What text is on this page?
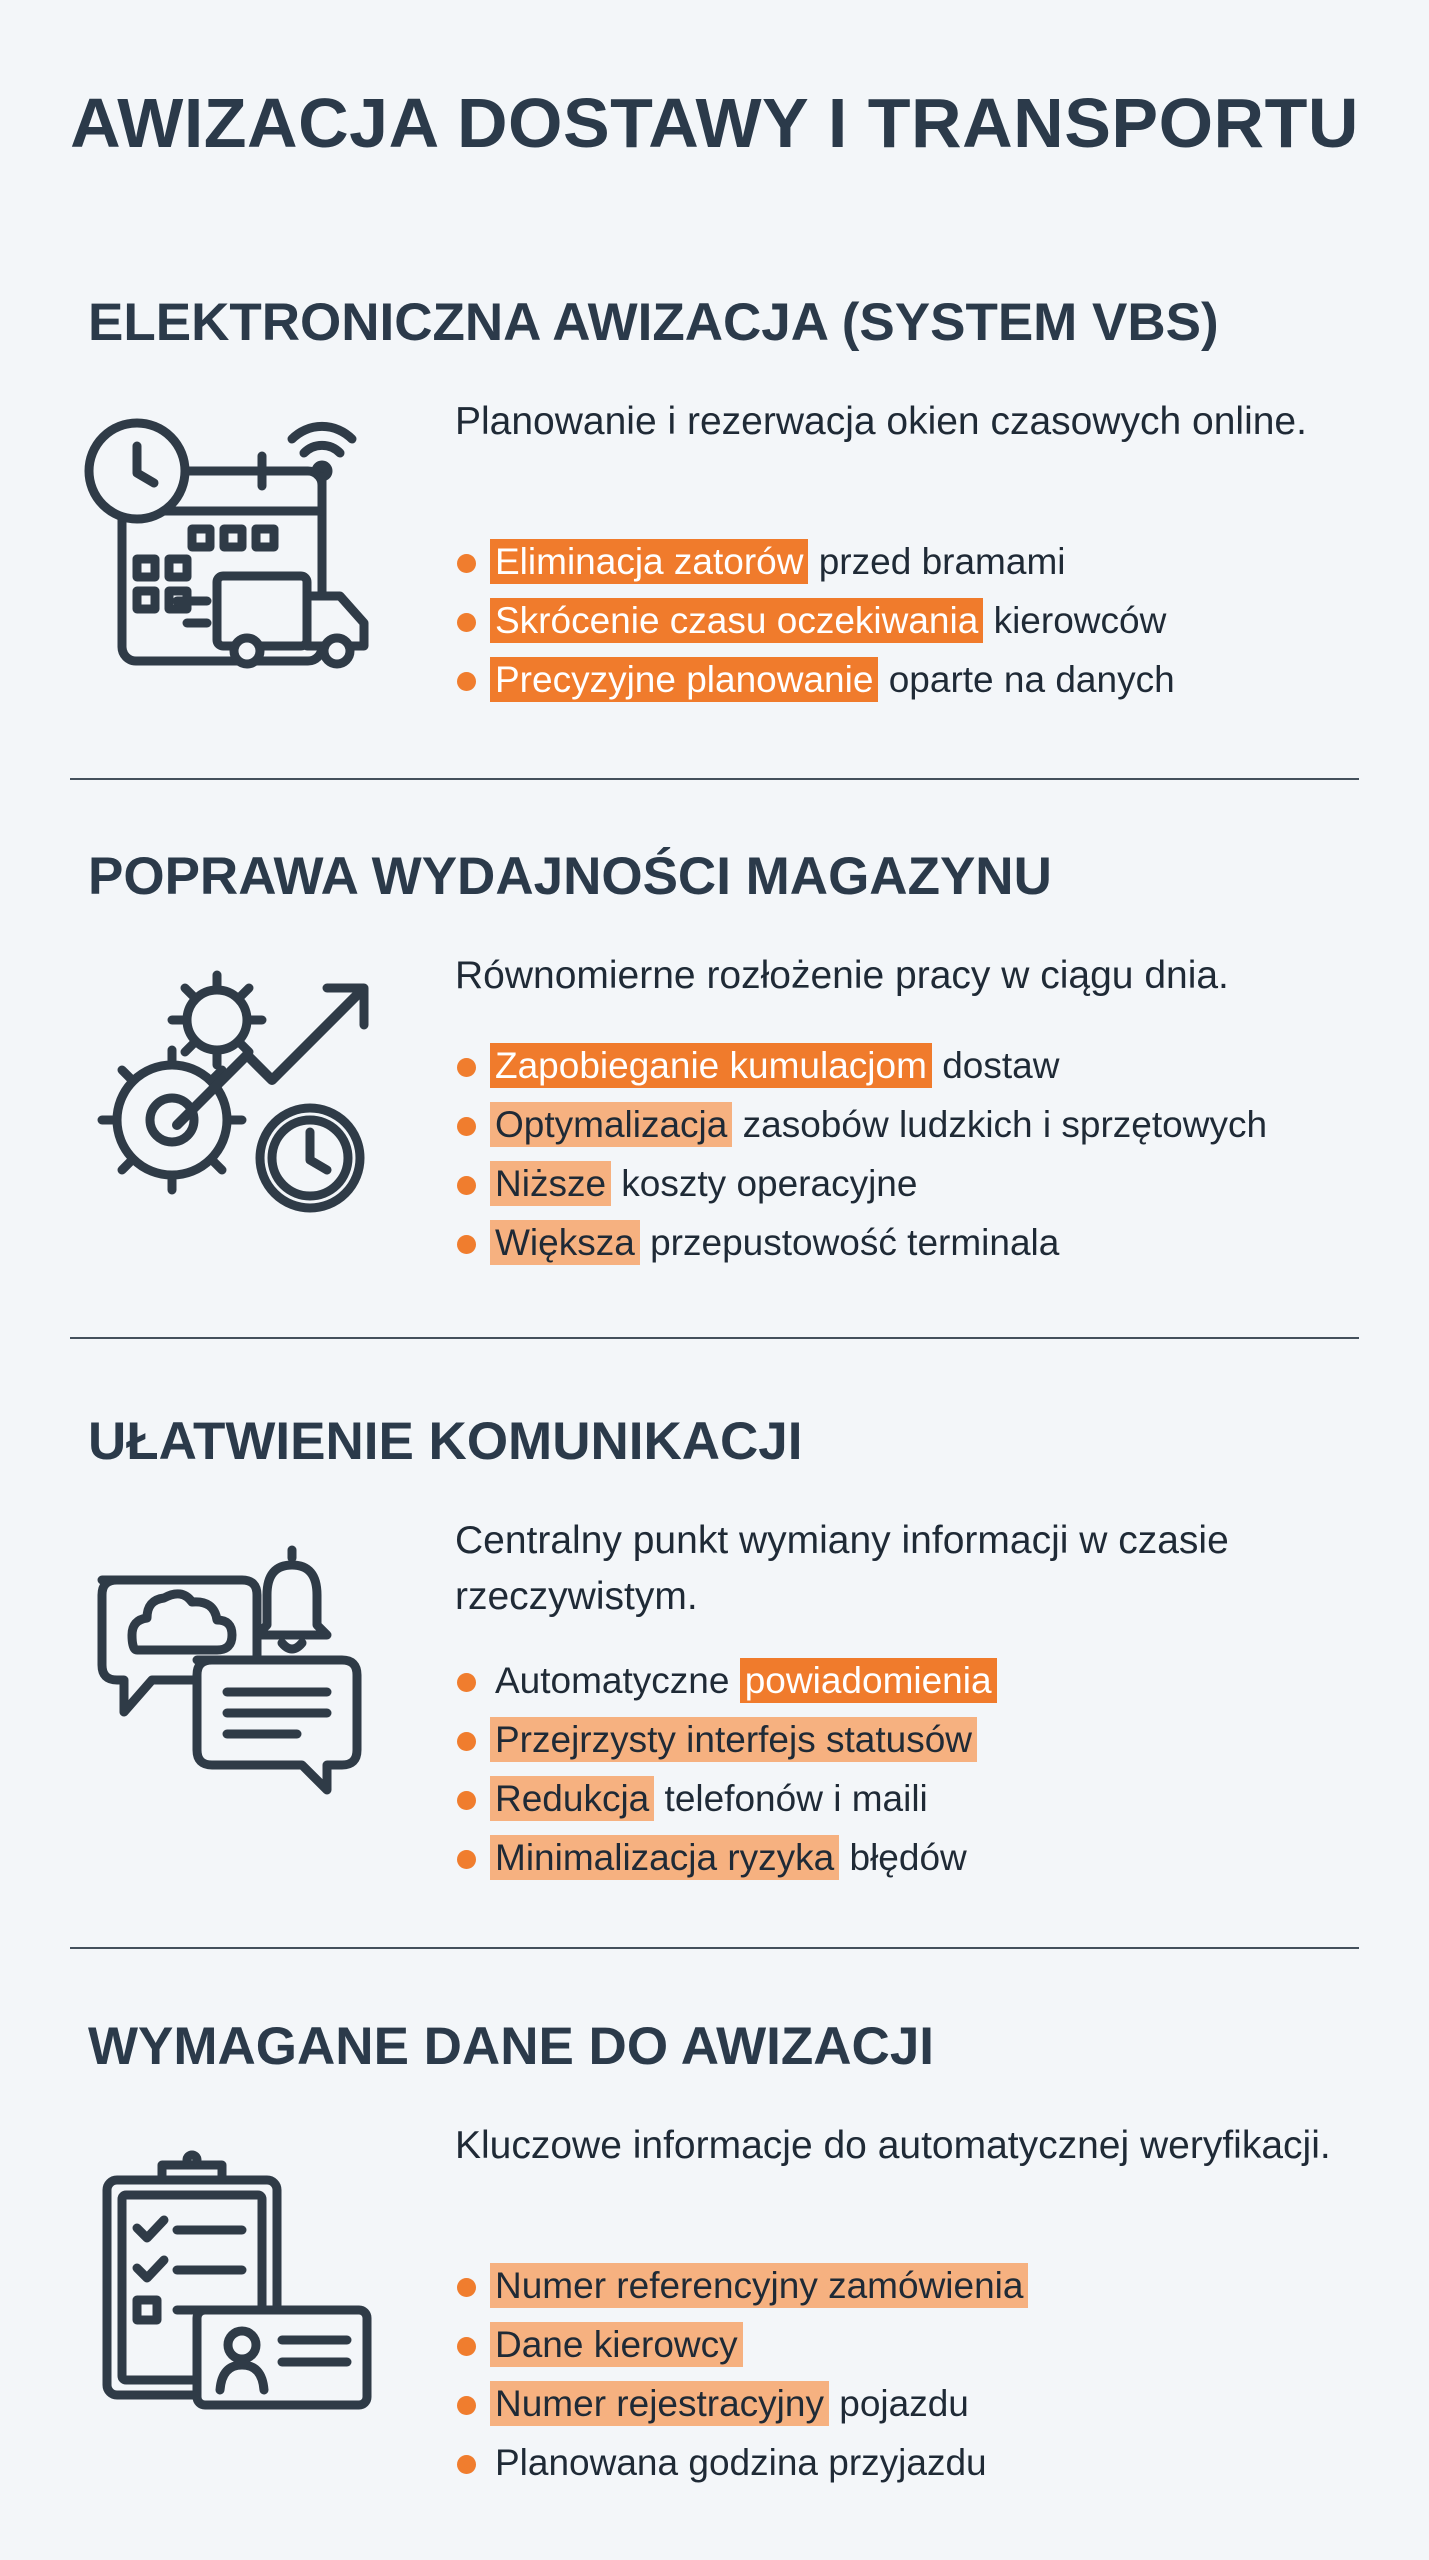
AWIZACJA DOSTAWY I TRANSPORTU
ELEKTRONICZNA AWIZACJA (SYSTEM VBS)

Planowanie i rezerwacja okien czasowych online.

Eliminacja zatorów przed bramami
Skrócenie czasu oczekiwania kierowców
Precyzyjne planowanie oparte na danych
POPRAWA WYDAJNOŚCI MAGAZYNU

Równomierne rozłożenie pracy w ciągu dnia.

Zapobieganie kumulacjom dostaw
Optymalizacja zasobów ludzkich i sprzętowych
Niższe koszty operacyjne
Większa przepustowość terminala
UŁATWIENIE KOMUNIKACJI

Centralny punkt wymiany informacji w czasie rzeczywistym.

Automatyczne powiadomienia
Przejrzysty interfejs statusów
Redukcja telefonów i maili
Minimalizacja ryzyka błędów
WYMAGANE DANE DO AWIZACJI

Kluczowe informacje do automatycznej weryfikacji.

Numer referencyjny zamówienia
Dane kierowcy
Numer rejestracyjny pojazdu
Planowana godzina przyjazdu
